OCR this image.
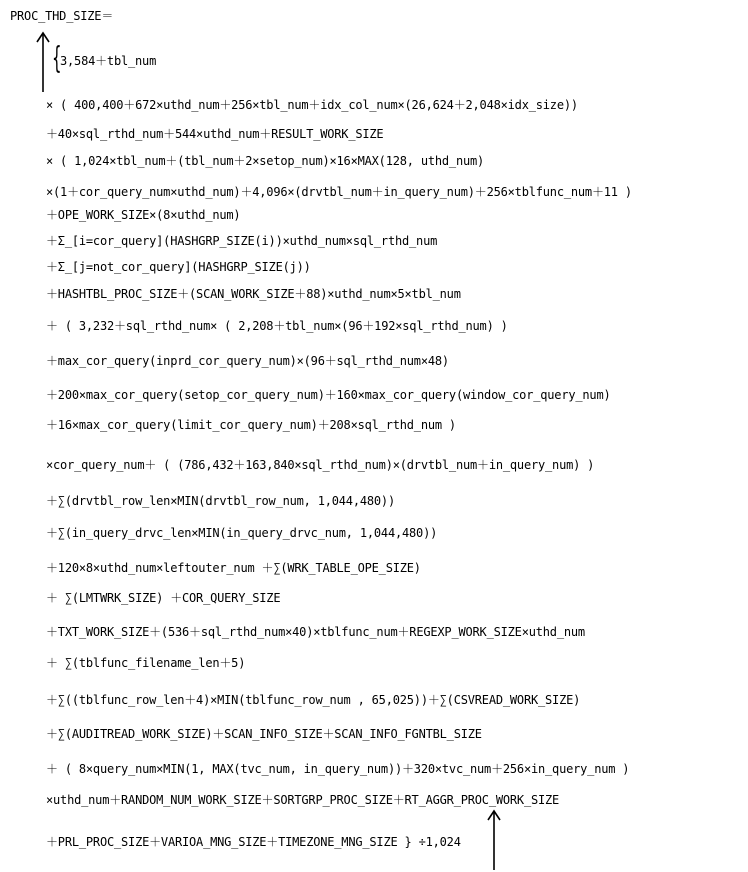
PROC_THD_SIZE＝
{
3,584＋tbl_num
× ( 400,400＋672×uthd_num＋256×tbl_num＋idx_col_num×(26,624＋2,048×idx_size))
＋40×sql_rthd_num＋544×uthd_num＋RESULT_WORK_SIZE
× ( 1,024×tbl_num＋(tbl_num＋2×setop_num)×16×MAX(128, uthd_num)
×(1＋cor_query_num×uthd_num)＋4,096×(drvtbl_num＋in_query_num)＋256×tblfunc_num＋11 )
＋OPE_WORK_SIZE×(8×uthd_num)
＋Σ_[i=cor_query](HASHGRP_SIZE(i))×uthd_num×sql_rthd_num
＋Σ_[j=not_cor_query](HASHGRP_SIZE(j))
＋HASHTBL_PROC_SIZE＋(SCAN_WORK_SIZE＋88)×uthd_num×5×tbl_num
＋ ( 3,232＋sql_rthd_num× ( 2,208＋tbl_num×(96＋192×sql_rthd_num) )
＋max_cor_query(inprd_cor_query_num)×(96＋sql_rthd_num×48)
＋200×max_cor_query(setop_cor_query_num)＋160×max_cor_query(window_cor_query_num)
＋16×max_cor_query(limit_cor_query_num)＋208×sql_rthd_num )
×cor_query_num＋ ( (786,432＋163,840×sql_rthd_num)×(drvtbl_num＋in_query_num) )
＋∑(drvtbl_row_len×MIN(drvtbl_row_num, 1,044,480))
＋∑(in_query_drvc_len×MIN(in_query_drvc_num, 1,044,480))
＋120×8×uthd_num×leftouter_num ＋∑(WRK_TABLE_OPE_SIZE)
＋ ∑(LMTWRK_SIZE) ＋COR_QUERY_SIZE
＋TXT_WORK_SIZE＋(536＋sql_rthd_num×40)×tblfunc_num＋REGEXP_WORK_SIZE×uthd_num
＋ ∑(tblfunc_filename_len＋5)
＋∑((tblfunc_row_len＋4)×MIN(tblfunc_row_num , 65,025))＋∑(CSVREAD_WORK_SIZE)
＋∑(AUDITREAD_WORK_SIZE)＋SCAN_INFO_SIZE＋SCAN_INFO_FGNTBL_SIZE
＋ ( 8×query_num×MIN(1, MAX(tvc_num, in_query_num))＋320×tvc_num＋256×in_query_num )
×uthd_num＋RANDOM_NUM_WORK_SIZE＋SORTGRP_PROC_SIZE＋RT_AGGR_PROC_WORK_SIZE
＋PRL_PROC_SIZE＋VARIOA_MNG_SIZE＋TIMEZONE_MNG_SIZE } ÷1,024
